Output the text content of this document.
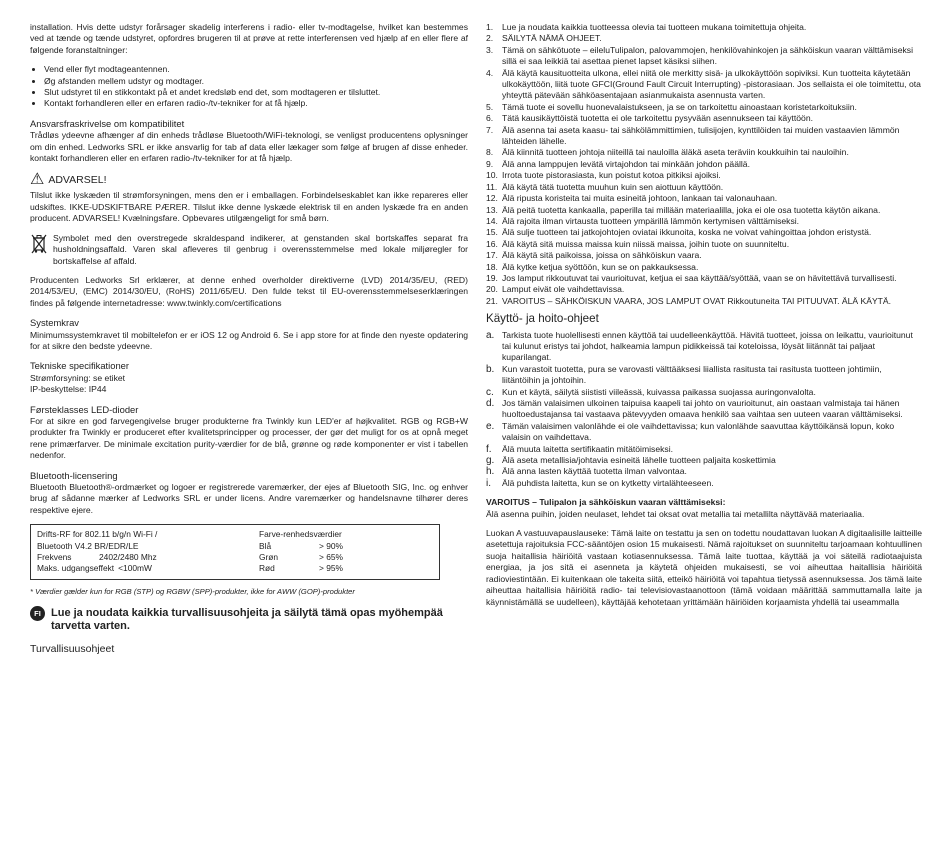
installation. Hvis dette udstyr forårsager skadelig interferens i radio- eller tv-modtagelse, hvilket kan bestemmes ved at tænde og tænde udstyret, opfordres brugeren til at prøve at rette interferensen ved hjælp af en eller flere af følgende foranstaltninger:

• Vend eller flyt modtageantennen.
• Øg afstanden mellem udstyr og modtager.
• Slut udstyret til en stikkontakt på et andet kredsløb end det, som modtageren er tilsluttet.
• Kontakt forhandleren eller en erfaren radio-/tv-tekniker for at få hjælp.
Ansvarsfraskrivelse om kompatibilitet

Trådløs ydeevne afhænger af din enheds trådløse Bluetooth/WiFi-teknologi, se venligst producentens oplysninger om din enhed. Ledworks SRL er ikke ansvarlig for tab af data eller lækager som følge af brugen af disse enheder. kontakt forhandleren eller en erfaren radio-/tv-tekniker for at få hjælp.

⚠ ADVARSEL!

Tilslut ikke lyskæden til strømforsyningen, mens den er i emballagen. Forbindelseskablet kan ikke repareres eller udskiftes. IKKE-UDSKIFTBARE PÆRER. Tilslut ikke denne lyskæde elektrisk til en anden lyskæde fra en anden producent. ADVARSEL! Kvælningsfare. Opbevares utilgængeligt for små børn.

Symbolet med den overstregede skraldespand indikerer, at genstanden skal bortskaffes separat fra husholdningsaffald. Varen skal afleveres til genbrug i overensstemmelse med lokale miljøregler for bortskaffelse af affald.

Producenten Ledworks Srl erklærer, at denne enhed overholder direktiverne (LVD) 2014/35/EU, (RED) 2014/53/EU, (EMC) 2014/30/EU, (RoHS) 2011/65/EU. Den fulde tekst til EU-overensstemmelseserklæringen findes på følgende internetadresse: www.twinkly.com/certifications

Systemkrav

Minimumssystemkravet til mobiltelefon er er iOS 12 og Android 6. Se i app store for at finde den nyeste opdatering for at sikre den bedste ydeevne.

Tekniske specifikationer
Strømforsyning: se etiket
IP-beskyttelse: IP44
Førsteklasses LED-dioder

For at sikre en god farvegengivelse bruger produkterne fra Twinkly kun LED'er af højkvalitet. RGB og RGB+W produkter fra Twinkly er produceret efter kvalitetsprincipper og processer, der gør det muligt for os at opnå meget rene primærfarver. De minimale excitation purity-værdier for de blå, grønne og røde komponenter er vist i tabellen nedenfor.

Bluetooth-licensering

Bluetooth Bluetooth®-ordmærket og logoer er registrerede varemærker, der ejes af Bluetooth SIG, Inc. og enhver brug af sådanne mærker af Ledworks SRL er under licens. Andre varemærker og handelsnavne tilhører deres respektive ejere.

Drifts-RF for 802.11 b/g/n Wi-Fi /
Bluetooth V4.2 BR/EDR/LE
Frekvens	2402/2480 Mhz
Maks. udgangseffekt <100mW

Farve-renhedsværdier
Blå	> 90%
Grøn	> 65%
Rød	> 95%
* Værdier gælder kun for RGB (STP) og RGBW (SPP)-produkter, ikke for AWW (GOP)-produkter
FI Lue ja noudata kaikkia turvallisuusohjeita ja säilytä tämä opas myöhempää tarvetta varten.
Turvallisuusohjeet
1.	Lue ja noudata kaikkia tuotteessa olevia tai tuotteen mukana toimitettuja ohjeita.
2.	SÄILYTÄ NÄMÄ OHJEET.
3.	Tämä on sähkötuote – eileluTulipalon, palovammojen, henkilövahinkojen ja sähköiskun vaaran välttämiseksi sillä ei saa leikkiä tai asettaa pienet lapset käsiksi siihen.
4.	Älä käytä kausituotteita ulkona, ellei niitä ole merkitty sisä- ja ulkokäyttöön sopiviksi. Kun tuotteita käytetään ulkokäyttöön, liitä tuote GFCI(Ground Fault Circuit Interrupting) -pistorasiaan. Jos sellaista ei ole toimitettu, ota yhteyttä pätevään sähköasentajaan asianmukaista asennusta varten.
5.	Tämä tuote ei sovellu huonevalaistukseen, ja se on tarkoitettu ainoastaan koristetarkoituksiin.
6.	Tätä kausikäyttöistä tuotetta ei ole tarkoitettu pysyvään asennukseen tai käyttöön.
7.	Älä asenna tai aseta kaasu- tai sähkölämmittimien, tulisijojen, kynttilöiden tai muiden vastaavien lämmön lähteiden lähelle.
8.	Älä kiinnitä tuotteen johtoja niiteillä tai nauloilla äläkä aseta teräviin koukkuihin tai nauloihin.
9.	Älä anna lamppujen levätä virtajohdon tai minkään johdon päällä.
10. Irrota tuote pistorasiasta, kun poistut kotoa pitkiksi ajoiksi.
11. Älä käytä tätä tuotetta muuhun kuin sen aiottuun käyttöön.
12. Älä ripusta koristeita tai muita esineitä johtoon, lankaan tai valonauhaan.
13. Älä peitä tuotetta kankaalla, paperilla tai millään materiaalilla, joka ei ole osa tuotetta käytön aikana.
14. Älä rajoita ilman virtausta tuotteen ympärillä lämmön kertymisen välttämiseksi.
15. Älä sulje tuotteen tai jatkojohtojen oviatai ikkunoita, koska ne voivat vahingoittaa johdon eristystä.
16. Älä käytä sitä muissa maissa kuin niissä maissa, joihin tuote on suunniteltu.
17. Älä käytä sitä paikoissa, joissa on sähköiskun vaara.
18. Älä kytke ketjua syöttöön, kun se on pakkauksessa.
19. Jos lamput rikkoutuvat tai vaurioituvat, ketjua ei saa käyttää/syöttää, vaan se on hävitettävä turvallisesti.
20. Lamput eivät ole vaihdettavissa.
21. VAROITUS – SÄHKÖISKUN VAARA, JOS LAMPUT OVAT Rikkoutuneita TAI PITUUVAT. ÄLÄ KÄYTÄ.
Käyttö- ja hoito-ohjeet
a. Tarkista tuote huolellisesti ennen käyttöä tai uudelleenkäyttöä. Hävitä tuotteet, joissa on leikattu, vaurioitunut tai kulunut eristys tai johdot, halkeamia lampun pidikkeissä tai koteloissa, löysät liitännät tai paljaat kuparilangat.
b. Kun varastoit tuotetta, pura se varovasti välttääksesi liiallista rasitusta tai rasitusta tuotteen johtimiin, liitäntöihin ja johtoihin.
c. Kun et käytä, säilytä siististi viileässä, kuivassa paikassa suojassa auringonvalolta.
d. Jos tämän valaisimen ulkoinen taipuisa kaapeli tai johto on vaurioitunut, ain oastaan valmistaja tai hänen huoltoedustajansa tai vastaava pätevyyden omaava henkilö saa vaihtaa sen uuteen vaaran välttämiseksi.
e. Tämän valaisimen valonlähde ei ole vaihdettavissa; kun valonlähde saavuttaa käyttöikänsä lopun, koko valaisin on vaihdettava.
f.	Älä muuta laitetta sertifikaatin mitätöimiseksi.
g. Älä aseta metallisia/johtavia esineitä lähelle tuotteen paljaita koskettimia
h. Älä anna lasten käyttää tuotetta ilman valvontaa.
i.	Älä puhdista laitetta, kun se on kytketty virtalähteeseen.
VAROITUS – Tulipalon ja sähköiskun vaaran välttämiseksi:

Älä asenna puihin, joiden neulaset, lehdet tai oksat ovat metallia tai metallilta näyttävää materiaalia.

Luokan A vastuuvapauslauseke: Tämä laite on testattu ja sen on todettu noudattavan luokan A digitaalisille laitteille asetettuja rajoituksia FCC-sääntöjen osion 15 mukaisesti. Nämä rajoitukset on suunniteltu tarjoamaan kohtuullinen suoja haitallisia häiriöitä vastaan kotiasennuksessa. Tämä laite tuottaa, käyttää ja voi säteilä radiotaajuista energiaa, ja jos sitä ei asenneta ja käytetä ohjeiden mukaisesti, se voi aiheuttaa haitallisia häiriöitä radioviestintään. Ei kuitenkaan ole takeita siitä, etteikö häiriöitä voi tapahtua tietyssä asennuksessa. Jos tämä laite aiheuttaa haitallisia häiriöitä radio- tai televisiovastaanottoon (tämä voidaan määrittää sammuttamalla laite ja käynnistämällä se uudelleen), käyttäjää kehotetaan yrittämään häiriöiden korjaamista yhdellä tai useammalla
